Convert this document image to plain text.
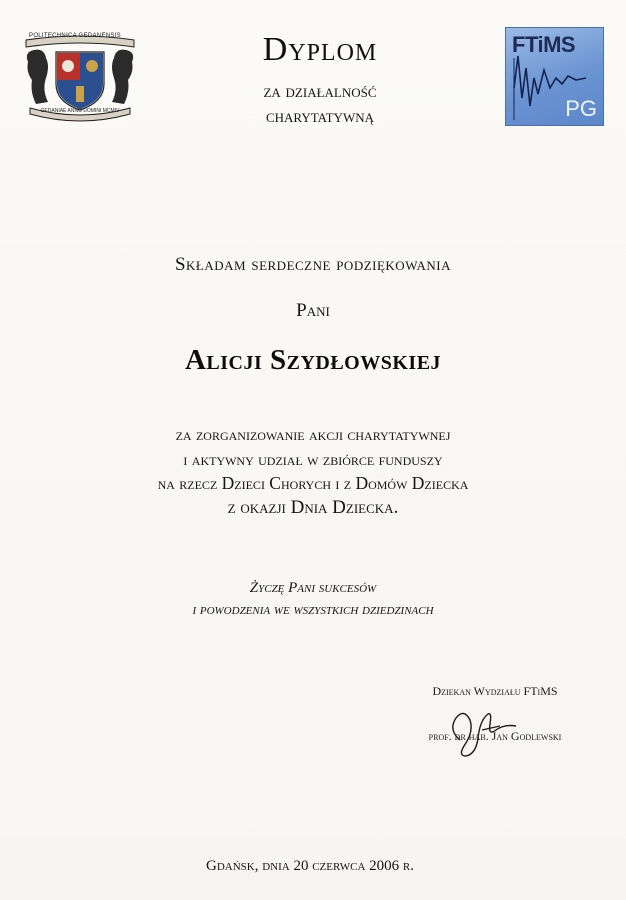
POLITECHNICA GEDANENSIS
GEDANIAE ANNO DOMINI MCMIV
Dyplom
za działalność
charytatywną
FTiMS
PG
Składam serdeczne podziękowania
Pani
Alicji Szydłowskiej
za zorganizowanie akcji charytatywnej
i aktywny udział w zbiórce funduszy
na rzecz Dzieci Chorych i z Domów Dziecka
z okazji Dnia Dziecka.
Życzę Pani sukcesów
i powodzenia we wszystkich dziedzinach
Dziekan Wydziału FTiMS
prof. dr hab. Jan Godlewski
Gdańsk, dnia 20 czerwca 2006 r.
